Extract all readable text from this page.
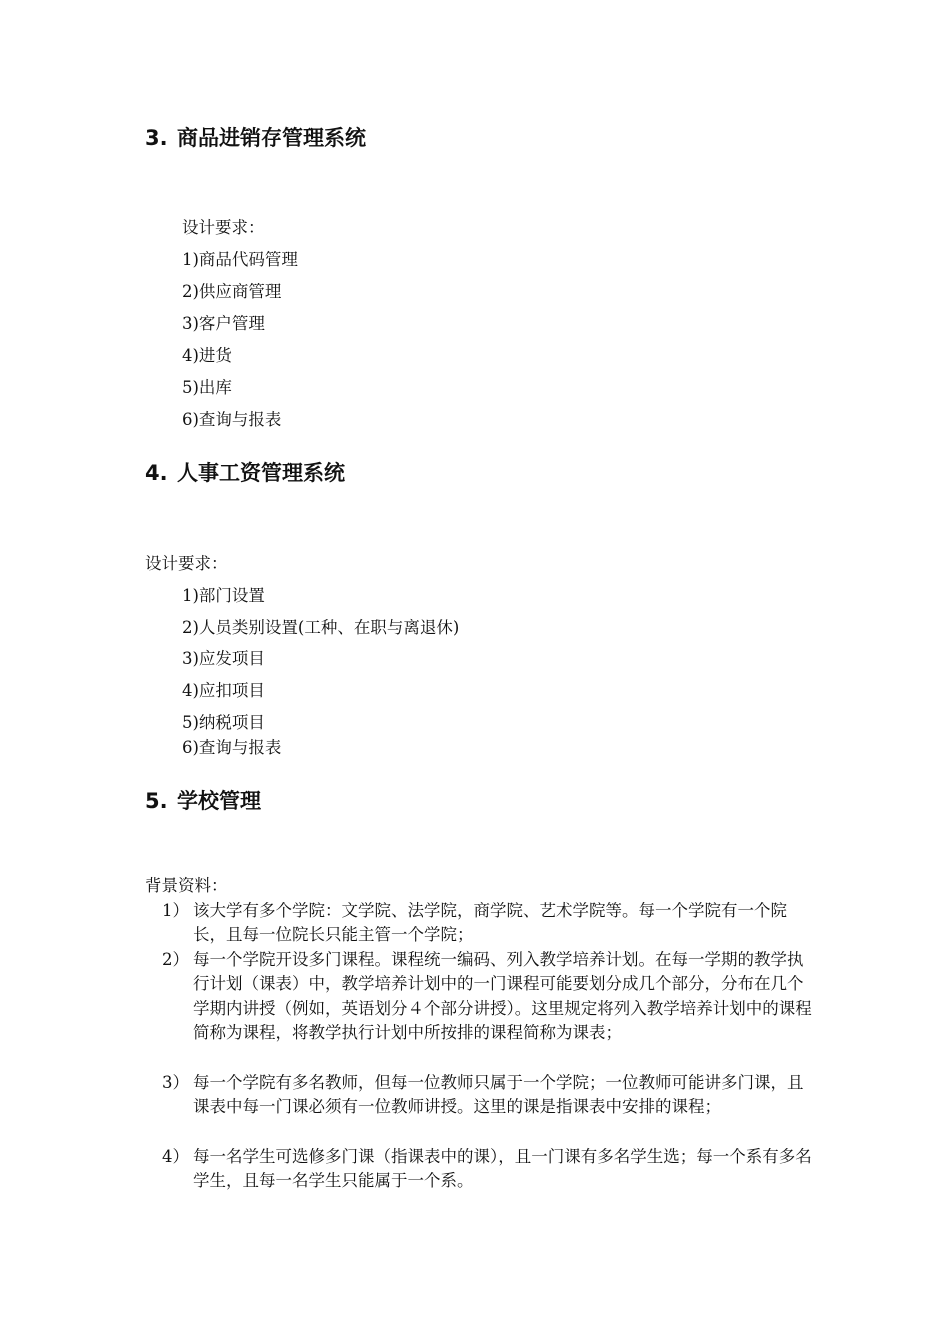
3. 商品进销存管理系统

设计要求：

1)商品代码管理

2)供应商管理

3)客户管理

4)进货

5)出库

6)查询与报表

4. 人事工资管理系统

设计要求：

1)部门设置

2)人员类别设置(工种、在职与离退休)

3)应发项目

4)应扣项目

5)纳税项目

6)查询与报表

5. 学校管理

背景资料：

1） 该大学有多个学院：文学院、法学院，商学院、艺术学院等。每一个学院有一个院长，且每一位院长只能主管一个学院；
2） 每一个学院开设多门课程。课程统一编码、列入教学培养计划。在每一学期的教学执行计划（课表）中，教学培养计划中的一门课程可能要划分成几个部分，分布在几个学期内讲授（例如，英语划分４个部分讲授）。这里规定将列入教学培养计划中的课程简称为课程，将教学执行计划中所按排的课程简称为课表；
3） 每一个学院有多名教师，但每一位教师只属于一个学院；一位教师可能讲多门课，且课表中每一门课必须有一位教师讲授。这里的课是指课表中安排的课程；
4） 每一名学生可选修多门课（指课表中的课），且一门课有多名学生选；每一个系有多名学生，且每一名学生只能属于一个系。
